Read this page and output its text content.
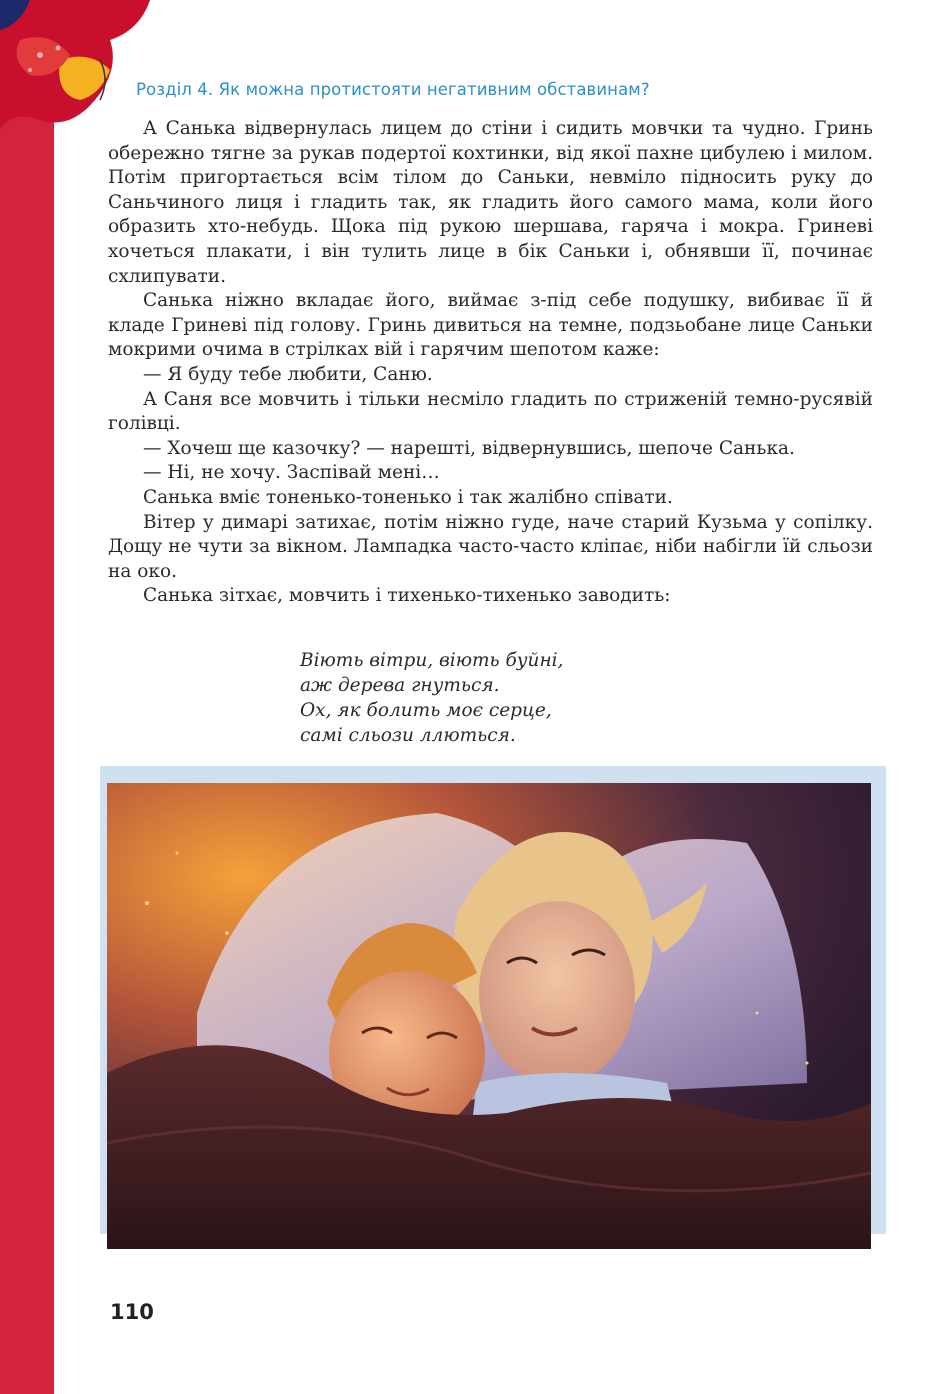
Розділ 4. Як можна протистояти негативним обставинам?

А Санька відвернулась лицем до стіни і сидить мовчки та чудно. Гринь обережно тягне за рукав подертої кохтинки, від якої пахне цибулею і милом. Потім пригортається всім тілом до Саньки, невміло підносить руку до Саньчиного лиця і гладить так, як гладить його самого мама, коли його образить хто-небудь. Щока під рукою шершава, гаряча і мокра. Гриневі хочеться плакати, і він тулить лице в бік Саньки і, обнявши її, починає схлипувати.

Санька ніжно вкладає його, виймає з-під себе подушку, вибиває її й кладе Гриневі під голову. Гринь дивиться на темне, подзьобане лице Саньки мокрими очима в стрілках вій і гарячим шепотом каже:

— Я буду тебе любити, Саню.

А Саня все мовчить і тільки несміло гладить по стриженій темно-русявій голівці.

— Хочеш ще казочку? — нарешті, відвернувшись, шепоче Санька.

— Ні, не хочу. Заспівай мені…

Санька вміє тоненько-тоненько і так жалібно співати.

Вітер у димарі затихає, потім ніжно гуде, наче старий Кузьма у сопілку. Дощу не чути за вікном. Лампадка часто-часто кліпає, ніби набігли їй сльози на око.

Санька зітхає, мовчить і тихенько-тихенько заводить:

Віють вітри, віють буйні,
аж дерева гнуться.
Ох, як болить моє серце,
самі сльози ллються.
110
